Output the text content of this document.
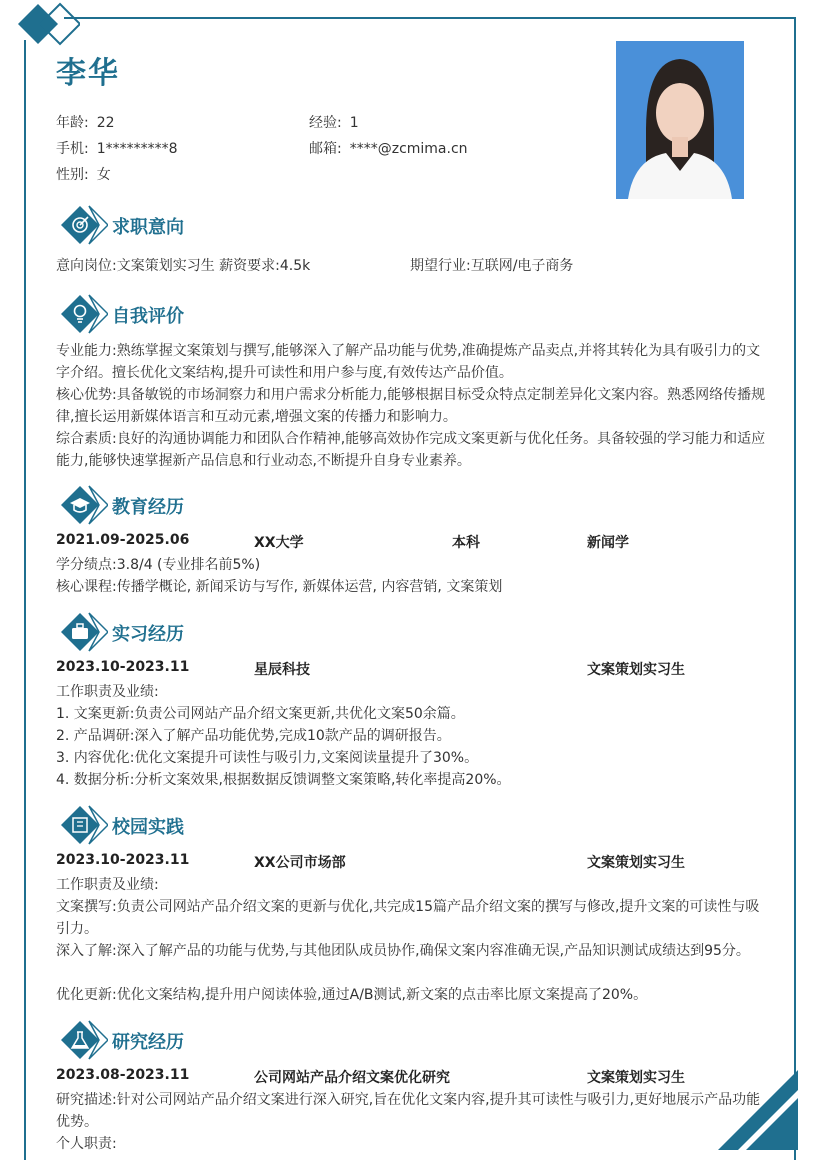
李华
年龄: 22	经验: 1
手机: 1*********8	邮箱: ****@zcmima.cn
性别: 女
求职意向
意向岗位:文案策划实习生 薪资要求:4.5k	期望行业:互联网/电子商务
自我评价
专业能力:熟练掌握文案策划与撰写,能够深入了解产品功能与优势,准确提炼产品卖点,并将其转化为具有吸引力的文字介绍。擅长优化文案结构,提升可读性和用户参与度,有效传达产品价值。
核心优势:具备敏锐的市场洞察力和用户需求分析能力,能够根据目标受众特点定制差异化文案内容。熟悉网络传播规律,擅长运用新媒体语言和互动元素,增强文案的传播力和影响力。
综合素质:良好的沟通协调能力和团队合作精神,能够高效协作完成文案更新与优化任务。具备较强的学习能力和适应能力,能够快速掌握新产品信息和行业动态,不断提升自身专业素养。
教育经历
2021.09-2025.06	XX大学	本科	新闻学
学分绩点:3.8/4 (专业排名前5%)
核心课程:传播学概论, 新闻采访与写作, 新媒体运营, 内容营销, 文案策划
实习经历
2023.10-2023.11	星辰科技	文案策划实习生
工作职责及业绩:
1. 文案更新:负责公司网站产品介绍文案更新,共优化文案50余篇。
2. 产品调研:深入了解产品功能优势,完成10款产品的调研报告。
3. 内容优化:优化文案提升可读性与吸引力,文案阅读量提升了30%。
4. 数据分析:分析文案效果,根据数据反馈调整文案策略,转化率提高20%。
校园实践
2023.10-2023.11	XX公司市场部	文案策划实习生
工作职责及业绩:
文案撰写:负责公司网站产品介绍文案的更新与优化,共完成15篇产品介绍文案的撰写与修改,提升文案的可读性与吸引力。
深入了解:深入了解产品的功能与优势,与其他团队成员协作,确保文案内容准确无误,产品知识测试成绩达到95分。
优化更新:优化文案结构,提升用户阅读体验,通过A/B测试,新文案的点击率比原文案提高了20%。
研究经历
2023.08-2023.11	公司网站产品介绍文案优化研究	文案策划实习生
研究描述:针对公司网站产品介绍文案进行深入研究,旨在优化文案内容,提升其可读性与吸引力,更好地展示产品功能优势。
个人职责:
